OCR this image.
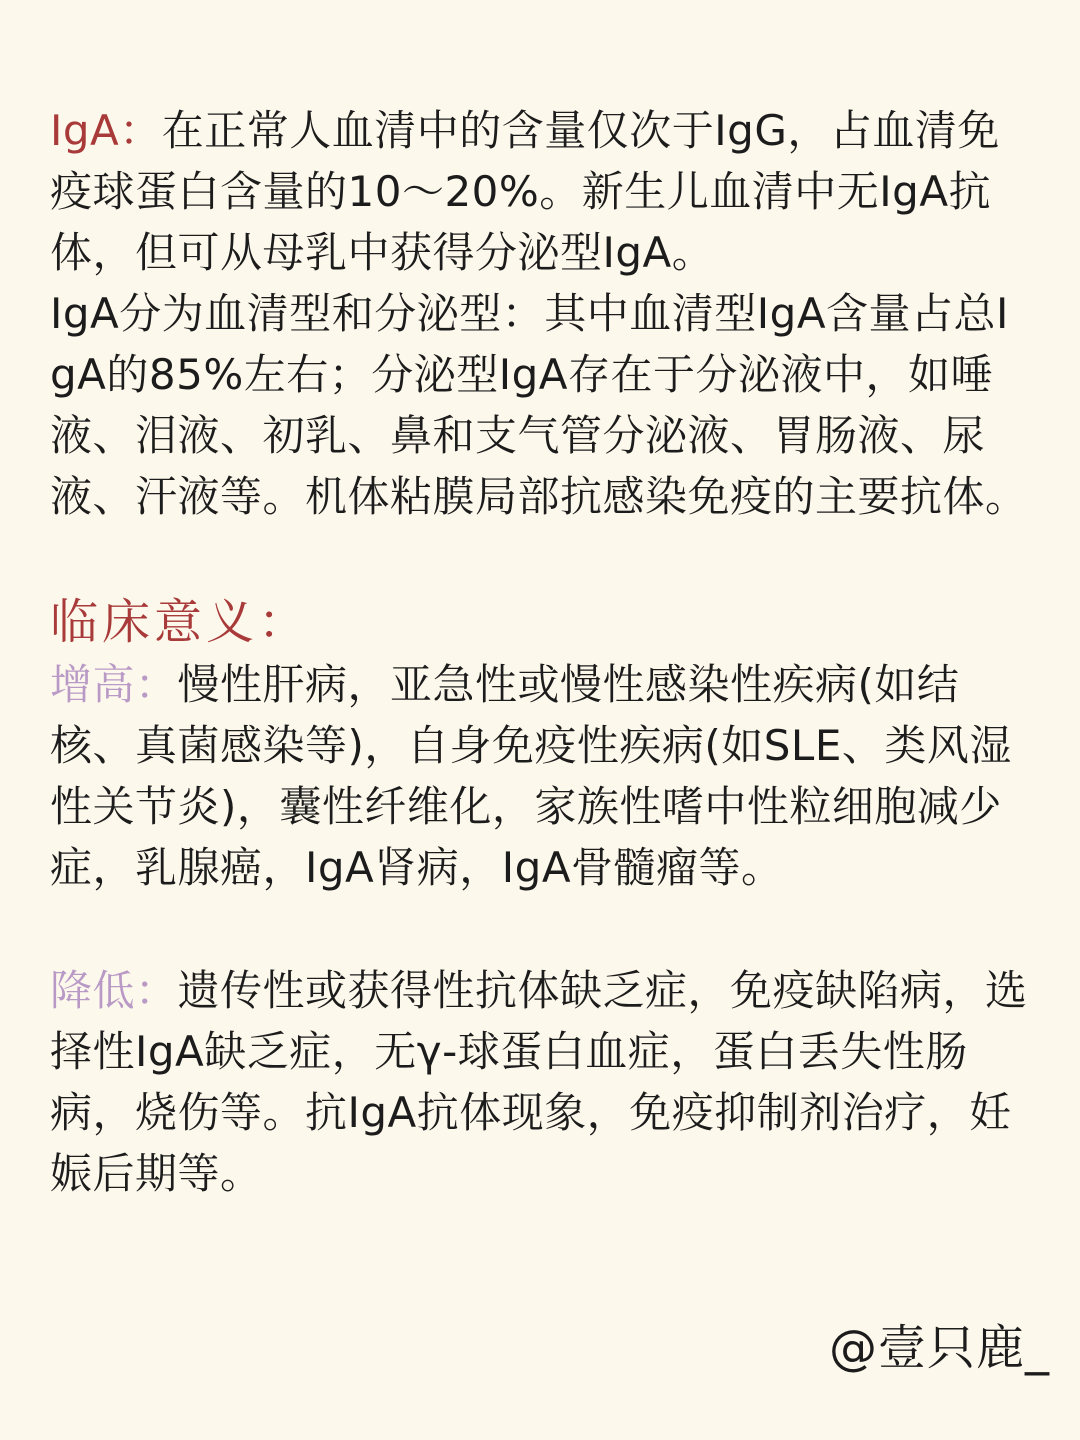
IgA：在正常人血清中的含量仅次于IgG，占血清免疫球蛋白含量的10～20%。新生儿血清中无IgA抗体，但可从母乳中获得分泌型IgA。

IgA分为血清型和分泌型：其中血清型IgA含量占总IgA的85%左右；分泌型IgA存在于分泌液中，如唾液、泪液、初乳、鼻和支气管分泌液、胃肠液、尿液、汗液等。机体粘膜局部抗感染免疫的主要抗体。

临床意义：

增高：慢性肝病，亚急性或慢性感染性疾病(如结核、真菌感染等)，自身免疫性疾病(如SLE、类风湿性关节炎)，囊性纤维化，家族性嗜中性粒细胞减少症，乳腺癌，IgA肾病，IgA骨髓瘤等。

降低：遗传性或获得性抗体缺乏症，免疫缺陷病，选择性IgA缺乏症，无γ-球蛋白血症，蛋白丢失性肠病，烧伤等。抗IgA抗体现象，免疫抑制剂治疗，妊娠后期等。

@壹只鹿_
